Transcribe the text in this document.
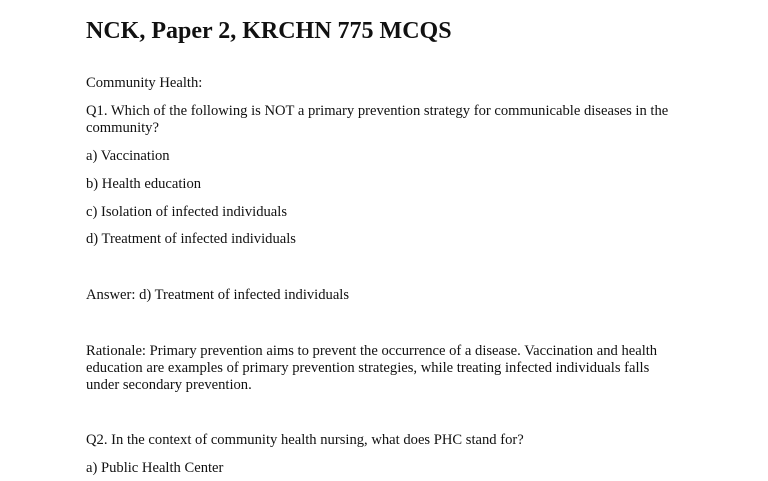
NCK, Paper 2, KRCHN 775 MCQS

Community Health:

Q1. Which of the following is NOT a primary prevention strategy for communicable diseases in the community?

a) Vaccination

b) Health education

c) Isolation of infected individuals

d) Treatment of infected individuals

Answer: d) Treatment of infected individuals

Rationale: Primary prevention aims to prevent the occurrence of a disease. Vaccination and health education are examples of primary prevention strategies, while treating infected individuals falls under secondary prevention.

Q2. In the context of community health nursing, what does PHC stand for?

a) Public Health Center
